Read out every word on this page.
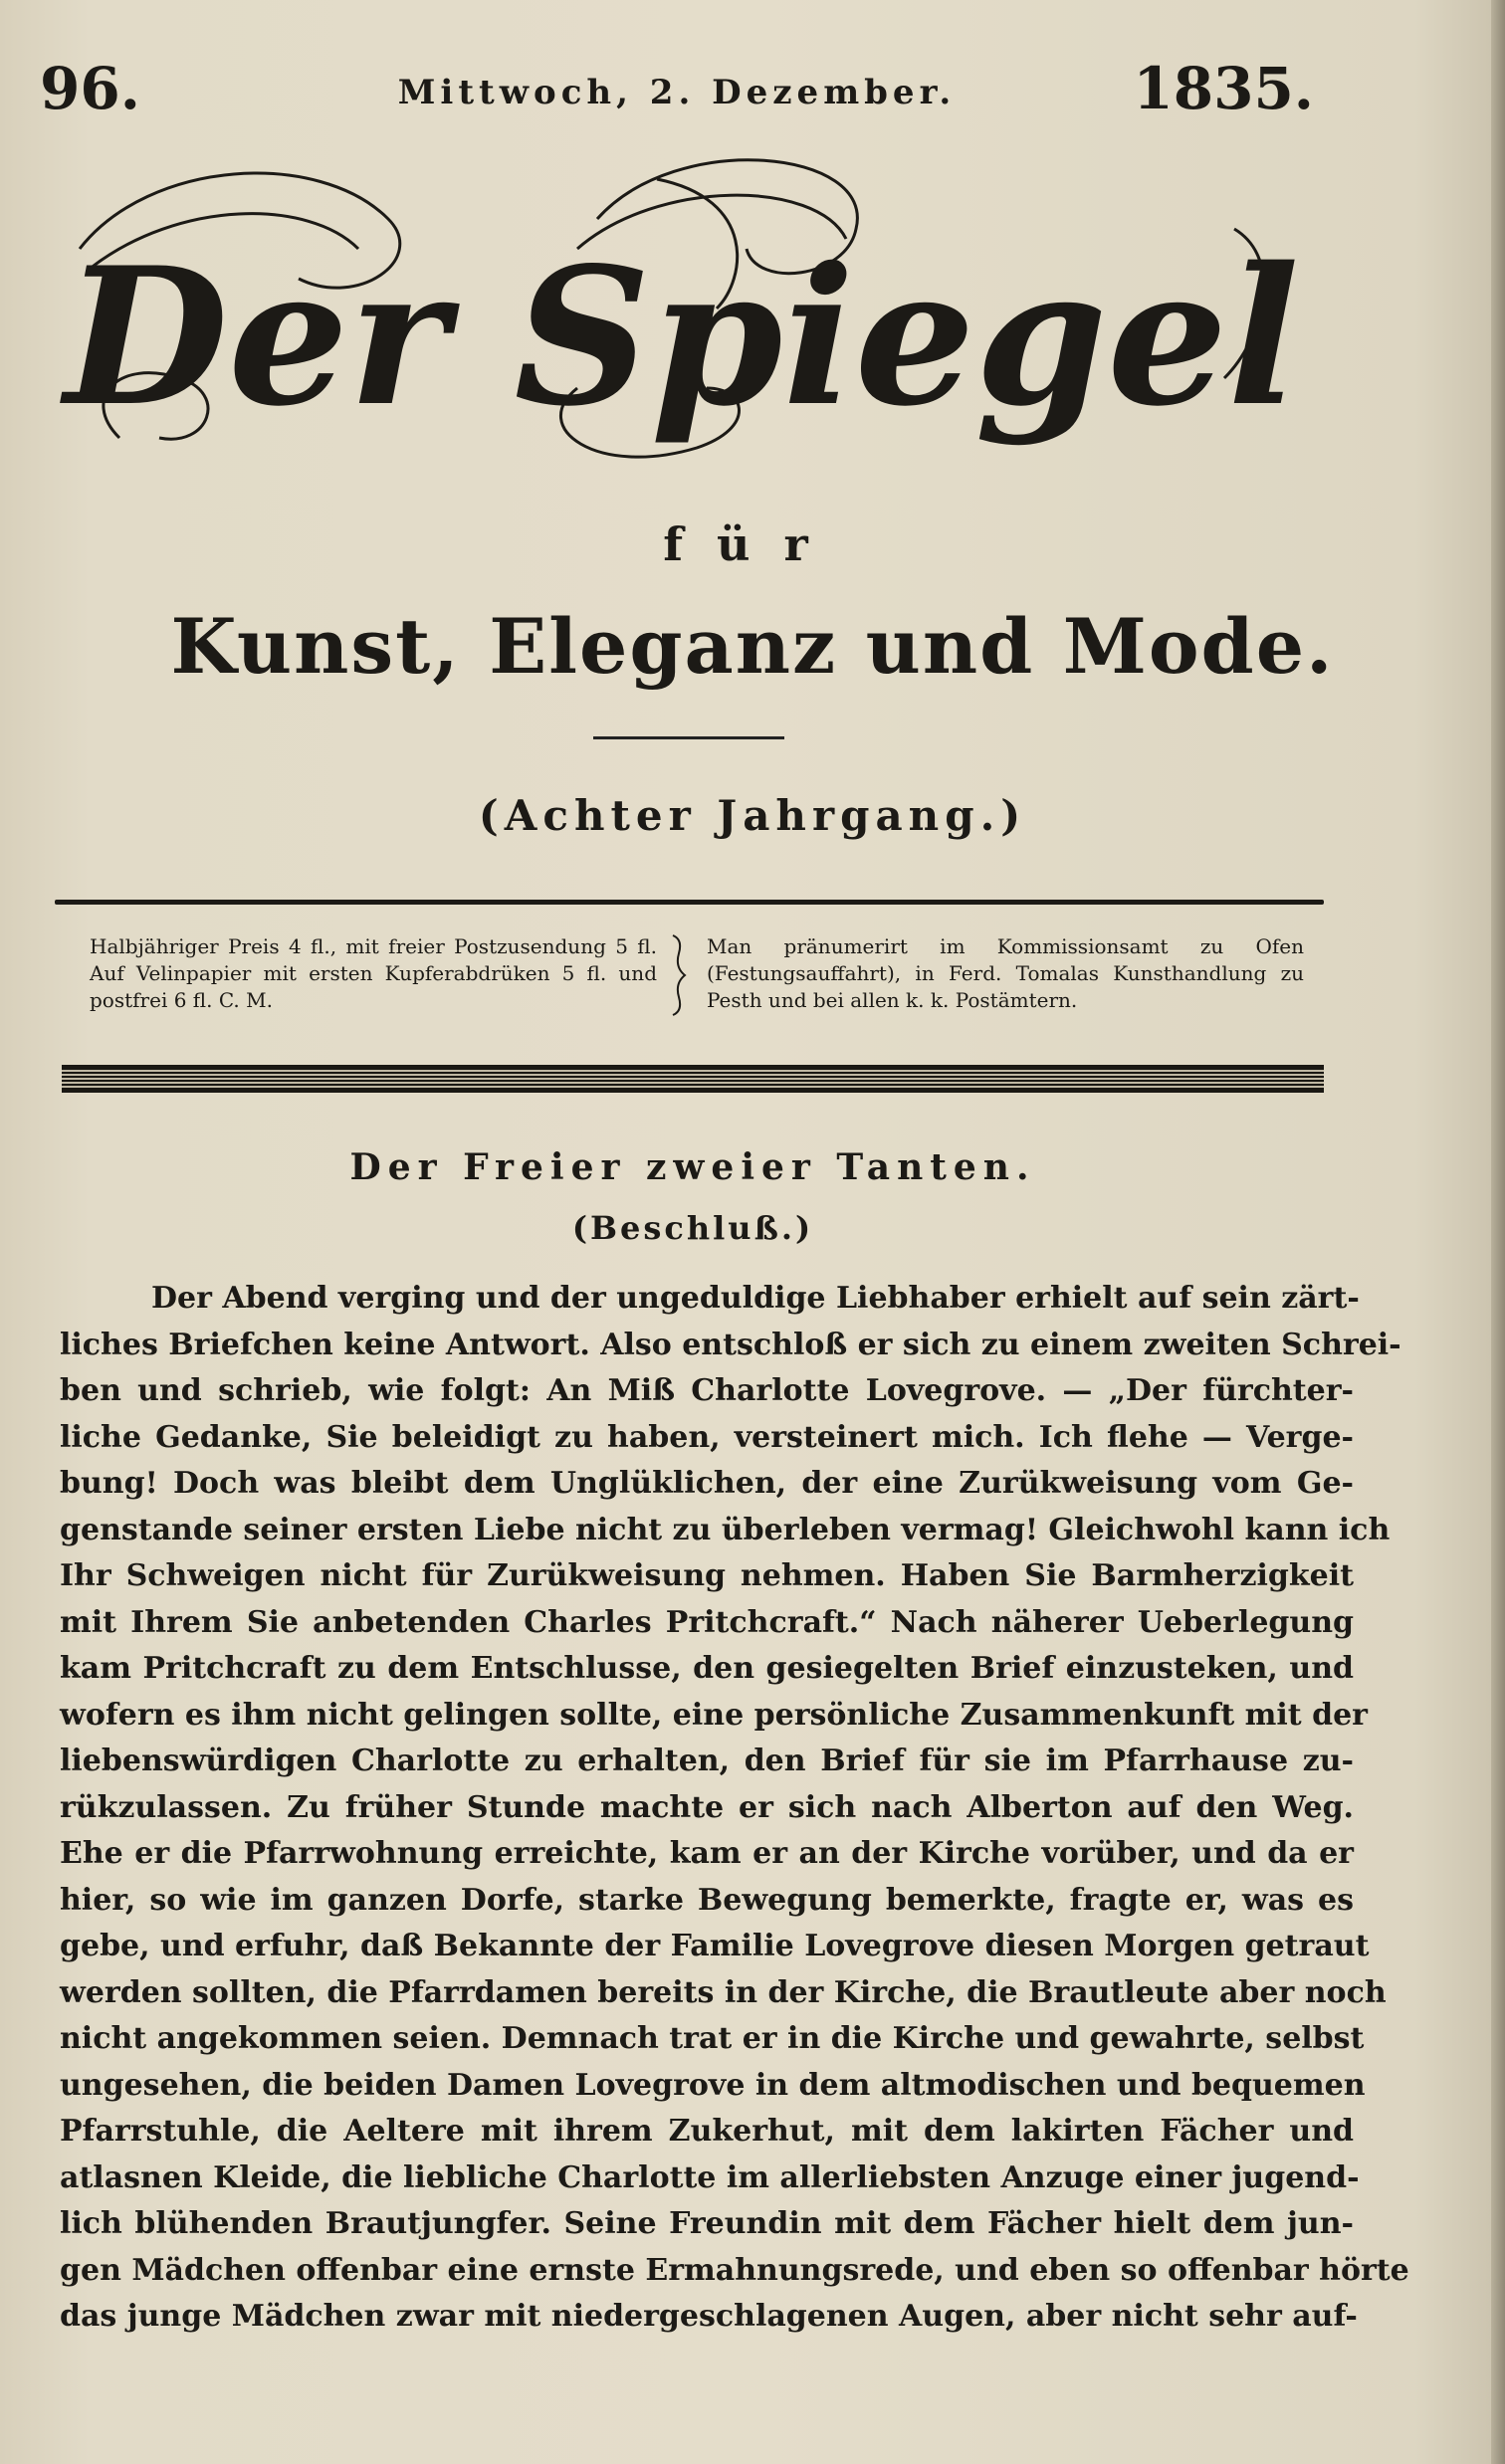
96.	Mittwoch, 2. Dezember.	1835.
Der Spiegel
für
Kunst, Eleganz und Mode.
(Achter Jahrgang.)
Halbjähriger Preis 4 fl., mit freier Postzusendung 5 fl. Auf Velinpapier mit ersten Kupferabdrüken 5 fl. und postfrei 6 fl. C. M.
Man pränumerirt im Kommissionsamt zu Ofen (Festungsauffahrt), in Ferd. Tomalas Kunsthandlung zu Pesth und bei allen k. k. Postämtern.
Der Freier zweier Tanten.
(Beschluß.)
Der Abend verging und der ungeduldige Liebhaber erhielt auf sein zärt-
liches Briefchen keine Antwort. Also entschloß er sich zu einem zweiten Schrei-
ben und schrieb, wie folgt: An Miß Charlotte Lovegrove. — „Der fürchter-
liche Gedanke, Sie beleidigt zu haben, versteinert mich. Ich flehe — Verge-
bung! Doch was bleibt dem Unglüklichen, der eine Zurükweisung vom Ge-
genstande seiner ersten Liebe nicht zu überleben vermag! Gleichwohl kann ich
Ihr Schweigen nicht für Zurükweisung nehmen. Haben Sie Barmherzigkeit
mit Ihrem Sie anbetenden Charles Pritchcraft.“ Nach näherer Ueberlegung
kam Pritchcraft zu dem Entschlusse, den gesiegelten Brief einzusteken, und
wofern es ihm nicht gelingen sollte, eine persönliche Zusammenkunft mit der
liebenswürdigen Charlotte zu erhalten, den Brief für sie im Pfarrhause zu-
rükzulassen. Zu früher Stunde machte er sich nach Alberton auf den Weg.
Ehe er die Pfarrwohnung erreichte, kam er an der Kirche vorüber, und da er
hier, so wie im ganzen Dorfe, starke Bewegung bemerkte, fragte er, was es
gebe, und erfuhr, daß Bekannte der Familie Lovegrove diesen Morgen getraut
werden sollten, die Pfarrdamen bereits in der Kirche, die Brautleute aber noch
nicht angekommen seien. Demnach trat er in die Kirche und gewahrte, selbst
ungesehen, die beiden Damen Lovegrove in dem altmodischen und bequemen
Pfarrstuhle, die Aeltere mit ihrem Zukerhut, mit dem lakirten Fächer und
atlasnen Kleide, die liebliche Charlotte im allerliebsten Anzuge einer jugend-
lich blühenden Brautjungfer. Seine Freundin mit dem Fächer hielt dem jun-
gen Mädchen offenbar eine ernste Ermahnungsrede, und eben so offenbar hörte
das junge Mädchen zwar mit niedergeschlagenen Augen, aber nicht sehr auf-
